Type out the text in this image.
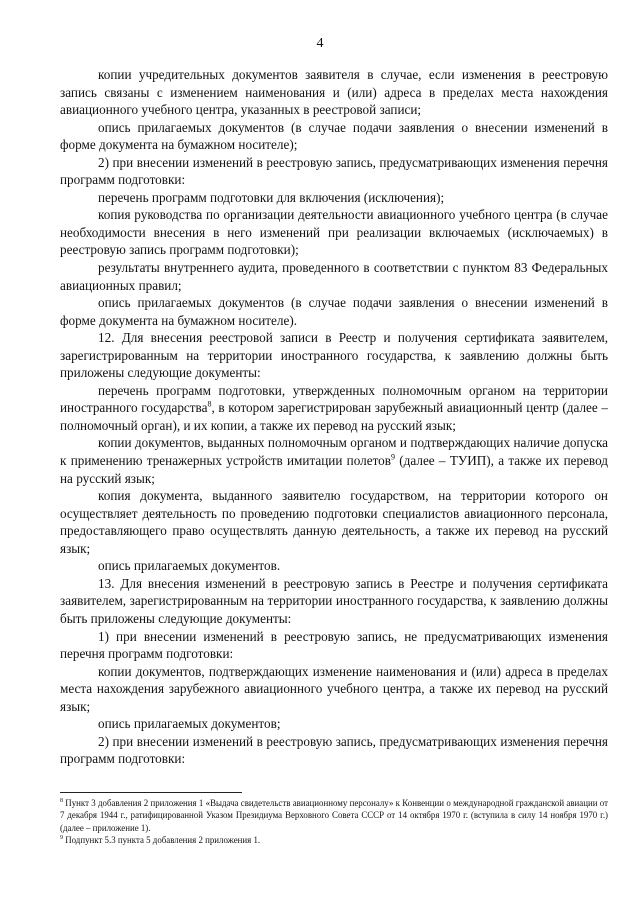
4

копии учредительных документов заявителя в случае, если изменения в реестровую запись связаны с изменением наименования и (или) адреса в пределах места нахождения авиационного учебного центра, указанных в реестровой записи;

опись прилагаемых документов (в случае подачи заявления о внесении изменений в форме документа на бумажном носителе);

2) при внесении изменений в реестровую запись, предусматривающих изменения перечня программ подготовки:

перечень программ подготовки для включения (исключения);

копия руководства по организации деятельности авиационного учебного центра (в случае необходимости внесения в него изменений при реализации включаемых (исключаемых) в реестровую запись программ подготовки);

результаты внутреннего аудита, проведенного в соответствии с пунктом 83 Федеральных авиационных правил;

опись прилагаемых документов (в случае подачи заявления о внесении изменений в форме документа на бумажном носителе).

12. Для внесения реестровой записи в Реестр и получения сертификата заявителем, зарегистрированным на территории иностранного государства, к заявлению должны быть приложены следующие документы:

перечень программ подготовки, утвержденных полномочным органом на территории иностранного государства$^8$, в котором зарегистрирован зарубежный авиационный центр (далее – полномочный орган), и их копии, а также их перевод на русский язык;

копии документов, выданных полномочным органом и подтверждающих наличие допуска к применению тренажерных устройств имитации полетов$^9$ (далее – ТУИП), а также их перевод на русский язык;

копия документа, выданного заявителю государством, на территории которого он осуществляет деятельность по проведению подготовки специалистов авиационного персонала, предоставляющего право осуществлять данную деятельность, а также их перевод на русский язык;

опись прилагаемых документов.

13. Для внесения изменений в реестровую запись в Реестре и получения сертификата заявителем, зарегистрированным на территории иностранного государства, к заявлению должны быть приложены следующие документы:

1) при внесении изменений в реестровую запись, не предусматривающих изменения перечня программ подготовки:

копии документов, подтверждающих изменение наименования и (или) адреса в пределах места нахождения зарубежного авиационного учебного центра, а также их перевод на русский язык;

опись прилагаемых документов;

2) при внесении изменений в реестровую запись, предусматривающих изменения перечня программ подготовки:

$^8$ Пункт 3 добавления 2 приложения 1 «Выдача свидетельств авиационному персоналу» к Конвенции о международной гражданской авиации от 7 декабря 1944 г., ратифицированной Указом Президиума Верховного Совета СССР от 14 октября 1970 г. (вступила в силу 14 ноября 1970 г.) (далее – приложение 1).

$^9$ Подпункт 5.3 пункта 5 добавления 2 приложения 1.
